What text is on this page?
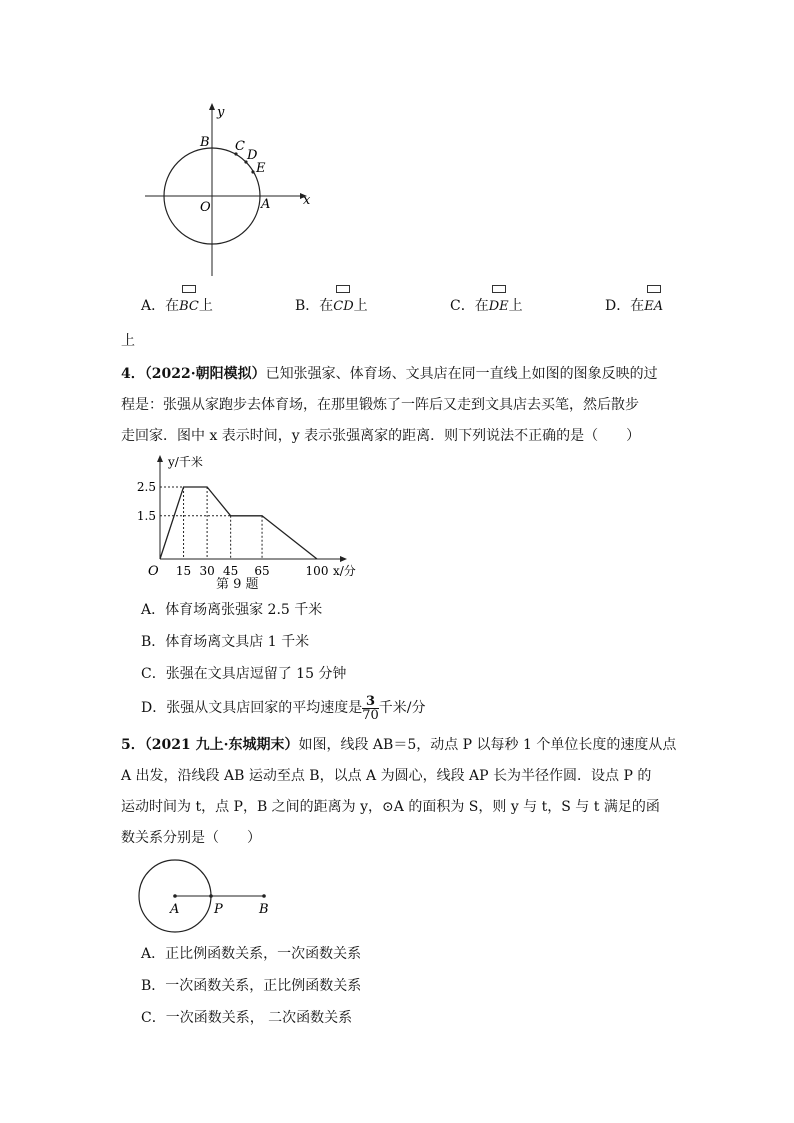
y
x
O	A
B C
D
E
A．在
BC上	B．在
CD上	C．在
DE上	D．在
EA
上
4．（2022·朝阳模拟）已知张强家、体育场、文具店在同一直线上如图的图象反映的过
程是：张强从家跑步去体育场，在那里锻炼了一阵后又走到文具店去买笔，然后散步
走回家．图中 x 表示时间，y 表示张强离家的距离．则下列说法不正确的是（　　）
15 30 45 65	100
2.5
1.5
O
y/千米
x/分
第 9 题
A．体育场离张强家 2.5 千米
B．体育场离文具店 1 千米
C．张强在文具店逗留了 15 分钟
D．张强从文具店回家的平均速度是 $\frac{3}{70}$ 千米/分
5．（2021 九上·东城期末）如图，线段 AB＝5，动点 P 以每秒 1 个单位长度的速度从点
A 出发，沿线段 AB 运动至点 B，以点 A 为圆心，线段 AP 长为半径作圆．设点 P 的
运动时间为 t，点 P，B 之间的距离为 y，⊙A 的面积为 S，则 y 与 t，S 与 t 满足的函
数关系分别是（　　）
A	P	B
A．正比例函数关系，一次函数关系
B．一次函数关系，正比例函数关系
C．一次函数关系， 二次函数关系
